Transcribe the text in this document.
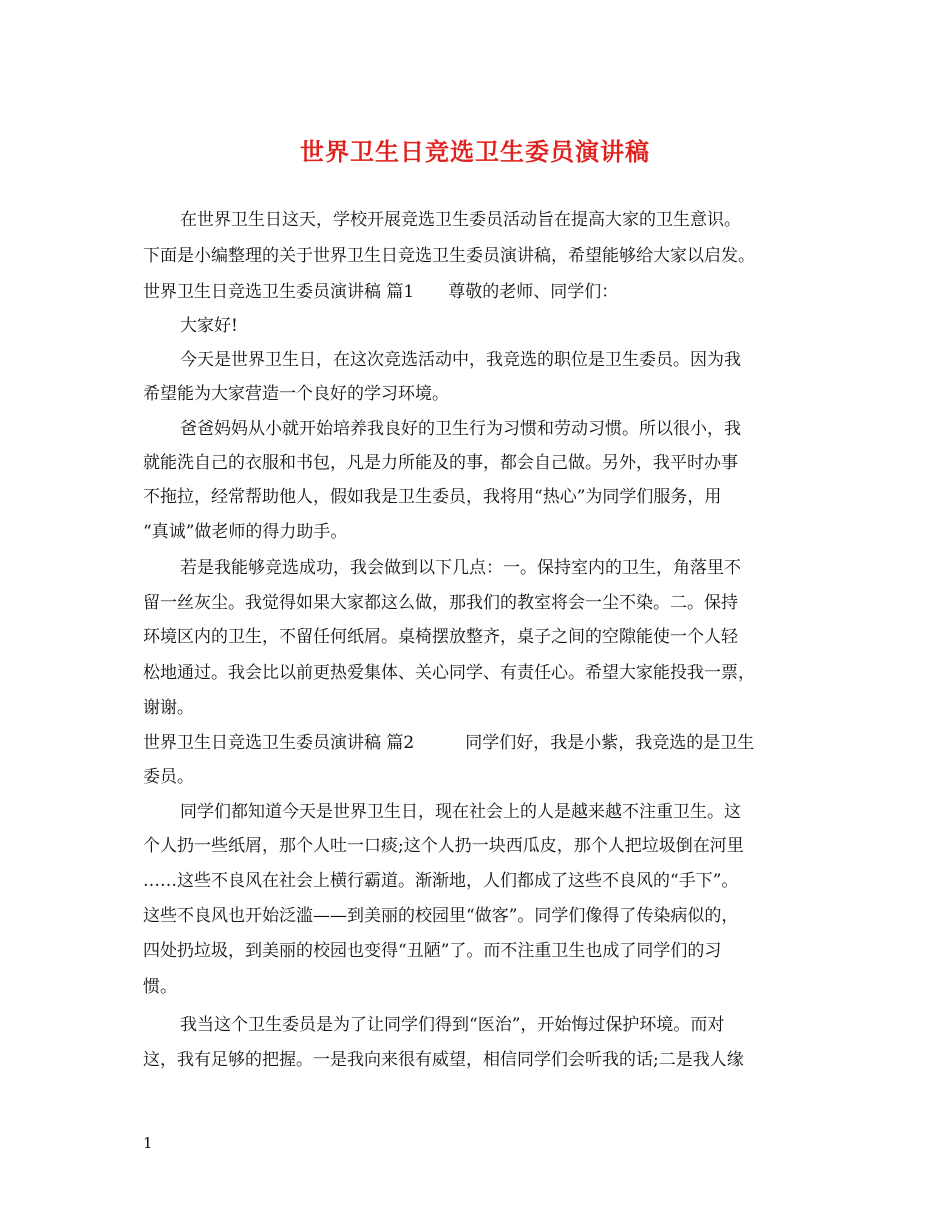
世界卫生日竞选卫生委员演讲稿
在世界卫生日这天，学校开展竞选卫生委员活动旨在提高大家的卫生意识。
下面是小编整理的关于世界卫生日竞选卫生委员演讲稿，希望能够给大家以启发。
世界卫生日竞选卫生委员演讲稿 篇1　　尊敬的老师、同学们：
大家好!
今天是世界卫生日，在这次竞选活动中，我竞选的职位是卫生委员。因为我
希望能为大家营造一个良好的学习环境。
爸爸妈妈从小就开始培养我良好的卫生行为习惯和劳动习惯。所以很小，我
就能洗自己的衣服和书包，凡是力所能及的事，都会自己做。另外，我平时办事
不拖拉，经常帮助他人，假如我是卫生委员，我将用“热心”为同学们服务，用
“真诚”做老师的得力助手。
若是我能够竞选成功，我会做到以下几点：一。保持室内的卫生，角落里不
留一丝灰尘。我觉得如果大家都这么做，那我们的教室将会一尘不染。二。保持
环境区内的卫生，不留任何纸屑。桌椅摆放整齐，桌子之间的空隙能使一个人轻
松地通过。我会比以前更热爱集体、关心同学、有责任心。希望大家能投我一票，
谢谢。
世界卫生日竞选卫生委员演讲稿 篇2　　　同学们好，我是小紫，我竞选的是卫生
委员。
同学们都知道今天是世界卫生日，现在社会上的人是越来越不注重卫生。这
个人扔一些纸屑，那个人吐一口痰;这个人扔一块西瓜皮，那个人把垃圾倒在河里
……这些不良风在社会上横行霸道。渐渐地，人们都成了这些不良风的“手下”。
这些不良风也开始泛滥——到美丽的校园里“做客”。同学们像得了传染病似的，
四处扔垃圾，到美丽的校园也变得“丑陋”了。而不注重卫生也成了同学们的习
惯。
我当这个卫生委员是为了让同学们得到“医治”，开始悔过保护环境。而对
这，我有足够的把握。一是我向来很有威望，相信同学们会听我的话;二是我人缘
1
